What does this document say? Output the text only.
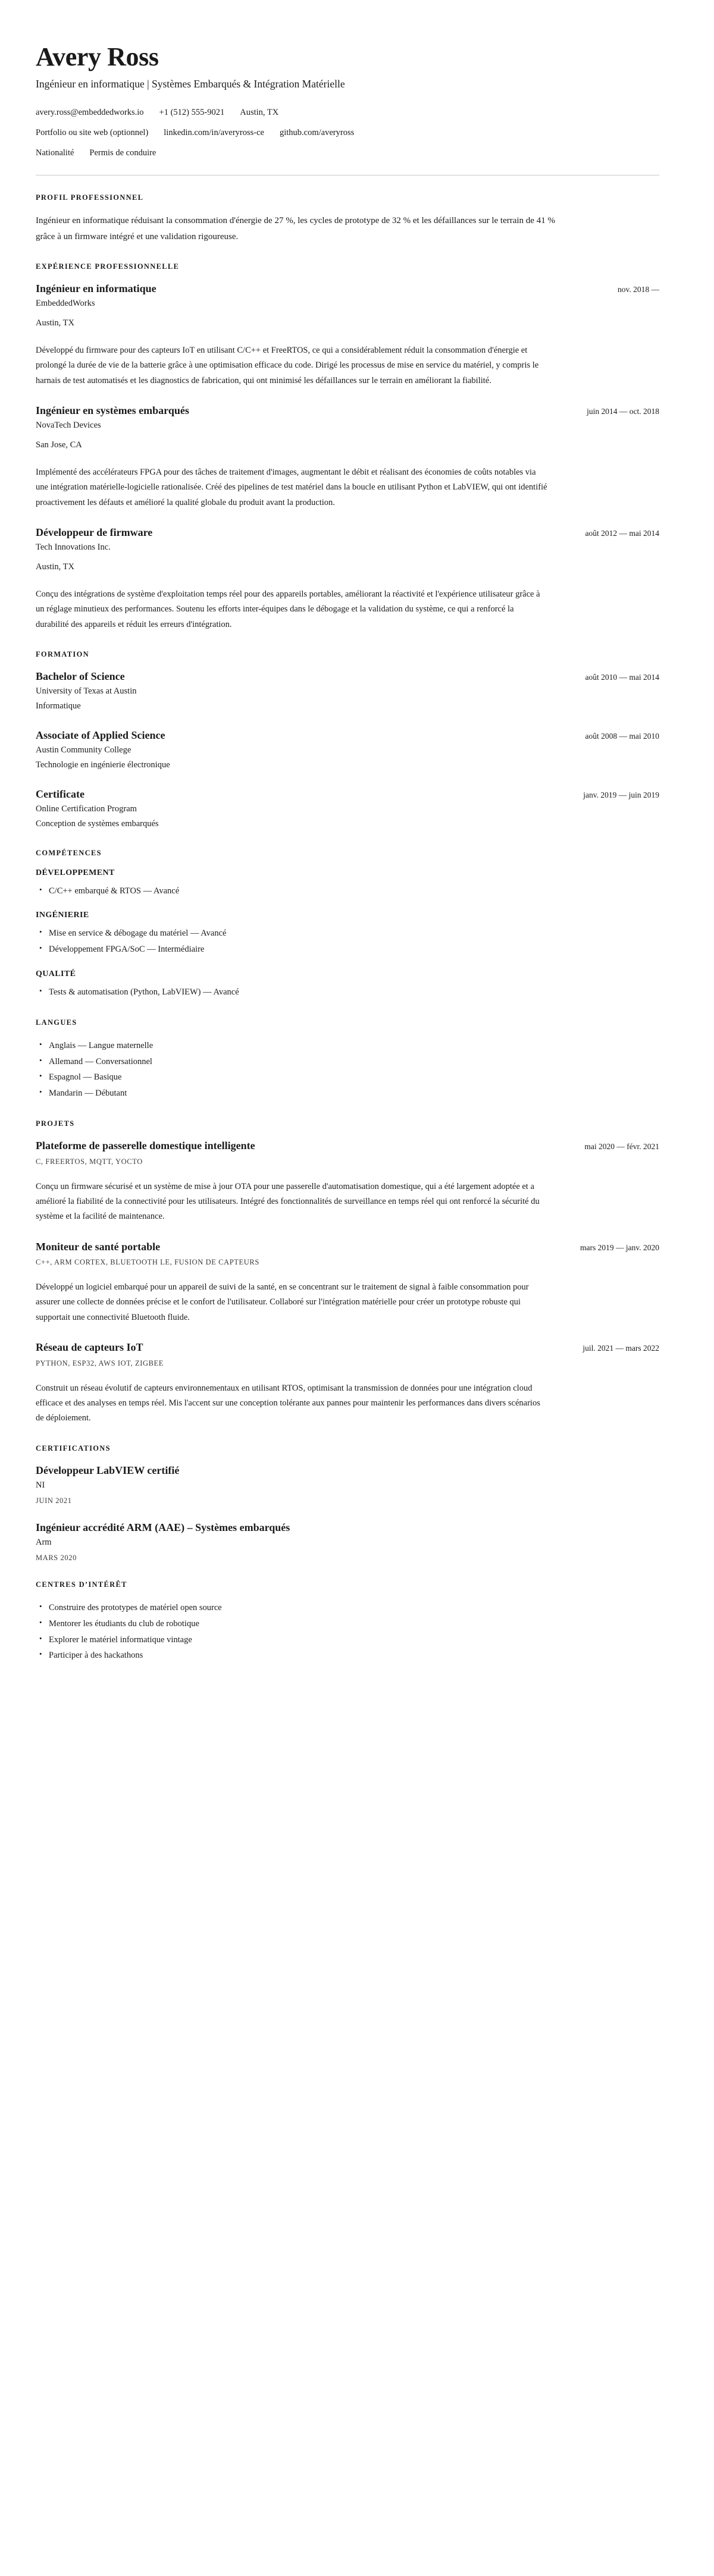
Avery Ross

Ingénieur en informatique | Systèmes Embarqués & Intégration Matérielle

avery.ross@embeddedworks.io +1 (512) 555-9021 Austin, TX
Portfolio ou site web (optionnel) linkedin.com/in/averyross-ce github.com/averyross
Nationalité Permis de conduire
PROFIL PROFESSIONNEL

Ingénieur en informatique réduisant la consommation d'énergie de 27 %, les cycles de prototype de 32 % et les défaillances sur le terrain de 41 % grâce à un firmware intégré et une validation rigoureuse.

EXPÉRIENCE PROFESSIONNELLE
Ingénieur en informatique	nov. 2018 —

EmbeddedWorks

Austin, TX

Développé du firmware pour des capteurs IoT en utilisant C/C++ et FreeRTOS, ce qui a considérablement réduit la consommation d'énergie et prolongé la durée de vie de la batterie grâce à une optimisation efficace du code. Dirigé les processus de mise en service du matériel, y compris le harnais de test automatisés et les diagnostics de fabrication, qui ont minimisé les défaillances sur le terrain en améliorant la fiabilité.

Ingénieur en systèmes embarqués	juin 2014 — oct. 2018

NovaTech Devices

San Jose, CA

Implémenté des accélérateurs FPGA pour des tâches de traitement d'images, augmentant le débit et réalisant des économies de coûts notables via une intégration matérielle-logicielle rationalisée. Créé des pipelines de test matériel dans la boucle en utilisant Python et LabVIEW, qui ont identifié proactivement les défauts et amélioré la qualité globale du produit avant la production.

Développeur de firmware	août 2012 — mai 2014

Tech Innovations Inc.

Austin, TX

Conçu des intégrations de système d'exploitation temps réel pour des appareils portables, améliorant la réactivité et l'expérience utilisateur grâce à un réglage minutieux des performances. Soutenu les efforts inter-équipes dans le débogage et la validation du système, ce qui a renforcé la durabilité des appareils et réduit les erreurs d'intégration.

FORMATION
Bachelor of Science	août 2010 — mai 2014

University of Texas at Austin

Informatique

Associate of Applied Science	août 2008 — mai 2010

Austin Community College

Technologie en ingénierie électronique

Certificate	janv. 2019 — juin 2019

Online Certification Program

Conception de systèmes embarqués

COMPÉTENCES
DÉVELOPPEMENT
• C/C++ embarqué & RTOS — Avancé
INGÉNIERIE
• Mise en service & débogage du matériel — Avancé
• Développement FPGA/SoC — Intermédiaire
QUALITÉ
• Tests & automatisation (Python, LabVIEW) — Avancé
LANGUES
• Anglais — Langue maternelle
• Allemand — Conversationnel
• Espagnol — Basique
• Mandarin — Débutant
PROJETS
Plateforme de passerelle domestique intelligente	mai 2020 — févr. 2021

C, FREERTOS, MQTT, YOCTO

Conçu un firmware sécurisé et un système de mise à jour OTA pour une passerelle d'automatisation domestique, qui a été largement adoptée et a amélioré la fiabilité de la connectivité pour les utilisateurs. Intégré des fonctionnalités de surveillance en temps réel qui ont renforcé la sécurité du système et la facilité de maintenance.

Moniteur de santé portable	mars 2019 — janv. 2020

C++, ARM CORTEX, BLUETOOTH LE, FUSION DE CAPTEURS

Développé un logiciel embarqué pour un appareil de suivi de la santé, en se concentrant sur le traitement de signal à faible consommation pour assurer une collecte de données précise et le confort de l'utilisateur. Collaboré sur l'intégration matérielle pour créer un prototype robuste qui supportait une connectivité Bluetooth fluide.

Réseau de capteurs IoT	juil. 2021 — mars 2022

PYTHON, ESP32, AWS IOT, ZIGBEE

Construit un réseau évolutif de capteurs environnementaux en utilisant RTOS, optimisant la transmission de données pour une intégration cloud efficace et des analyses en temps réel. Mis l'accent sur une conception tolérante aux pannes pour maintenir les performances dans divers scénarios de déploiement.

CERTIFICATIONS
Développeur LabVIEW certifié

NI

JUIN 2021

Ingénieur accrédité ARM (AAE) – Systèmes embarqués

Arm

MARS 2020

CENTRES D’INTÉRÊT
• Construire des prototypes de matériel open source
• Mentorer les étudiants du club de robotique
• Explorer le matériel informatique vintage
• Participer à des hackathons
